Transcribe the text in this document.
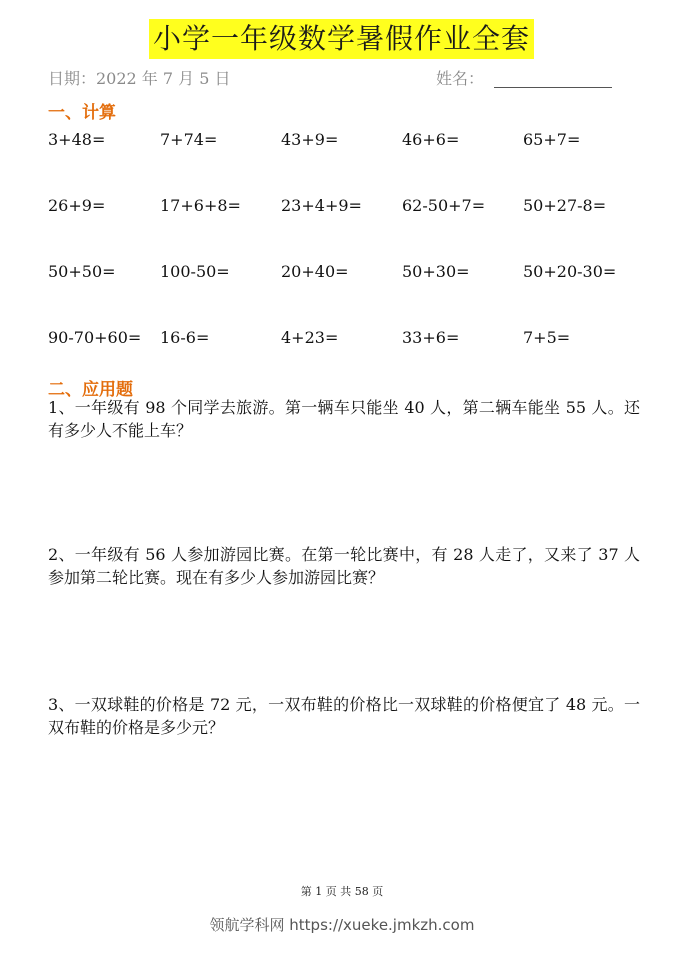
小学一年级数学暑假作业全套
日期：2022 年 7 月 5 日	姓名：
一、计算
3+48=	7+74=	43+9=	46+6=	65+7=
26+9=	17+6+8=	23+4+9=	62-50+7= 50+27-8=
50+50=	100-50=	20+40=	50+30=	50+20-30=
90-70+60= 16-6=	4+23=	33+6=	7+5=
二、应用题
1、一年级有 98 个同学去旅游。第一辆车只能坐 40 人，第二辆车能坐 55 人。还有多少人不能上车？
2、一年级有 56 人参加游园比赛。在第一轮比赛中，有 28 人走了，又来了 37 人参加第二轮比赛。现在有多少人参加游园比赛？
3、一双球鞋的价格是 72 元，一双布鞋的价格比一双球鞋的价格便宜了 48 元。一双布鞋的价格是多少元？
第 1 页 共 58 页
领航学科网 https://xueke.jmkzh.com
